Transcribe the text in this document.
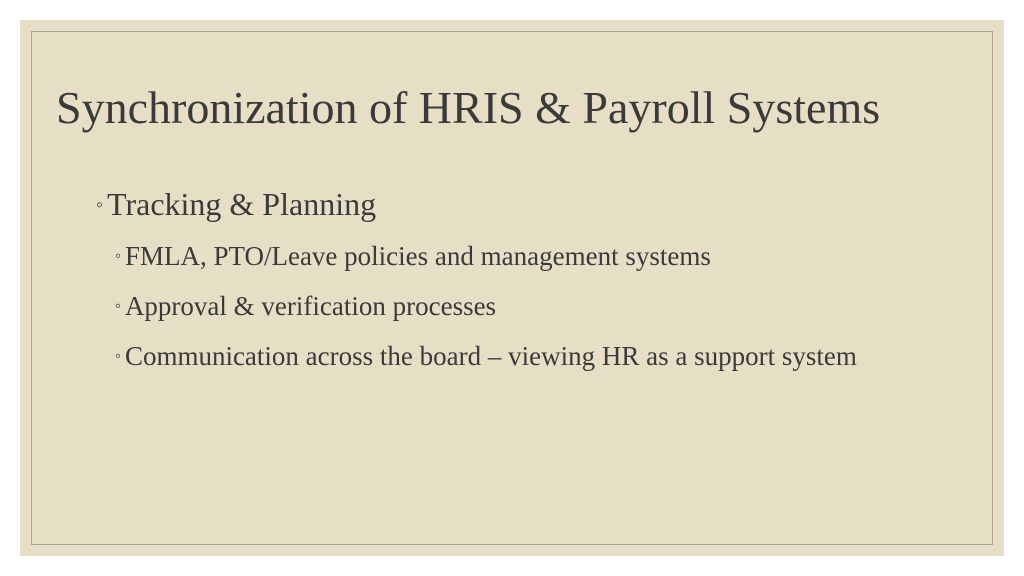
Synchronization of HRIS & Payroll Systems
◦ Tracking & Planning
◦ FMLA, PTO/Leave policies and management systems
◦ Approval & verification processes
◦ Communication across the board – viewing HR as a support system
